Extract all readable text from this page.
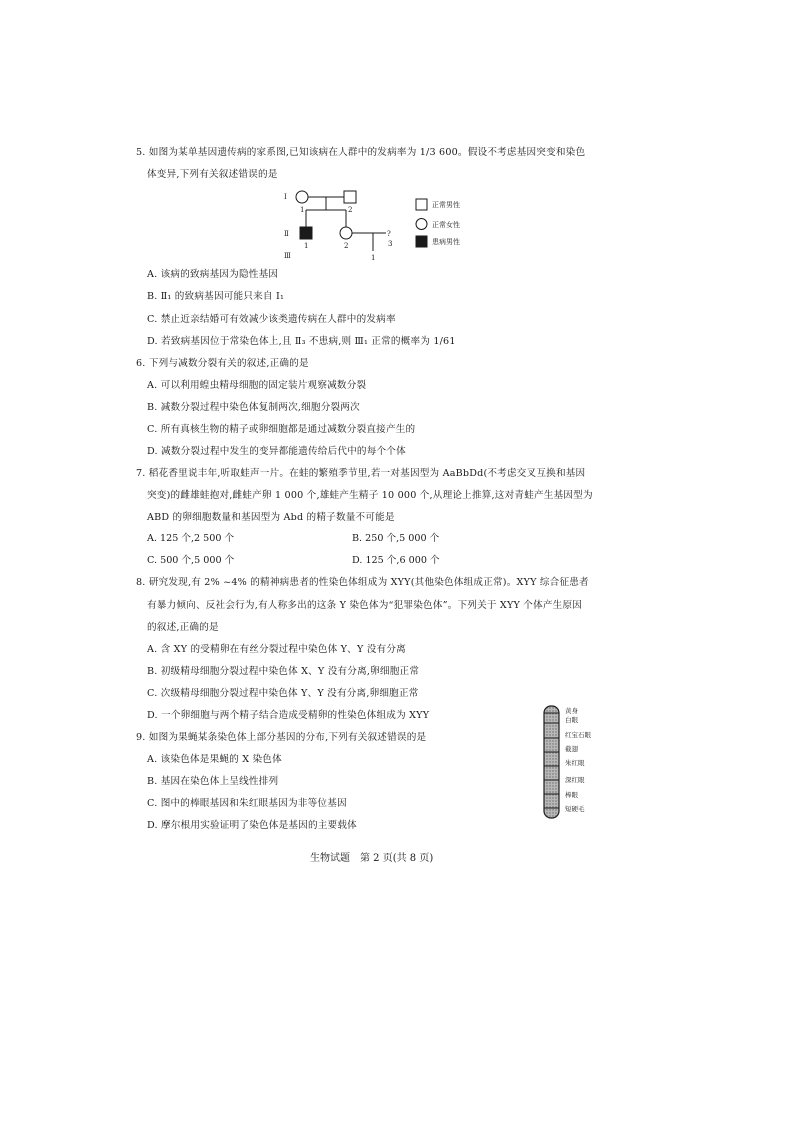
5. 如图为某单基因遗传病的家系图,已知该病在人群中的发病率为 1/3 600。假设不考虑基因突变和染色
体变异,下列有关叙述错误的是
Ⅰ
1	2
Ⅱ
1	2
?
3
Ⅲ	1
正常男性
正常女性
患病男性
A. 该病的致病基因为隐性基因
B. Ⅱ₁ 的致病基因可能只来自 Ⅰ₁
C. 禁止近亲结婚可有效减少该类遗传病在人群中的发病率
D. 若致病基因位于常染色体上,且 Ⅱ₃ 不患病,则 Ⅲ₁ 正常的概率为 1/61
6. 下列与减数分裂有关的叙述,正确的是
A. 可以利用蝗虫精母细胞的固定装片观察减数分裂
B. 减数分裂过程中染色体复制两次,细胞分裂两次
C. 所有真核生物的精子或卵细胞都是通过减数分裂直接产生的
D. 减数分裂过程中发生的变异都能遗传给后代中的每个个体
7. 稻花香里说丰年,听取蛙声一片。在蛙的繁殖季节里,若一对基因型为 AaBbDd(不考虑交叉互换和基因
突变)的雌雄蛙抱对,雌蛙产卵 1 000 个,雄蛙产生精子 10 000 个,从理论上推算,这对青蛙产生基因型为
ABD 的卵细胞数量和基因型为 Abd 的精子数量不可能是
A. 125 个,2 500 个	B. 250 个,5 000 个
C. 500 个,5 000 个	D. 125 个,6 000 个
8. 研究发现,有 2% ~4% 的精神病患者的性染色体组成为 XYY(其他染色体组成正常)。XYY 综合征患者
有暴力倾向、反社会行为,有人称多出的这条 Y 染色体为“犯罪染色体”。下列关于 XYY 个体产生原因
的叙述,正确的是
A. 含 XY 的受精卵在有丝分裂过程中染色体 Y、Y 没有分离
B. 初级精母细胞分裂过程中染色体 X、Y 没有分离,卵细胞正常
C. 次级精母细胞分裂过程中染色体 Y、Y 没有分离,卵细胞正常
D. 一个卵细胞与两个精子结合造成受精卵的性染色体组成为 XYY
9. 如图为果蝇某条染色体上部分基因的分布,下列有关叙述错误的是
A. 该染色体是果蝇的 X 染色体
B. 基因在染色体上呈线性排列
C. 图中的棒眼基因和朱红眼基因为非等位基因
D. 摩尔根用实验证明了染色体是基因的主要载体
黄身
白眼
红宝石眼
截翅
朱红眼
深红眼
棒眼
短硬毛
生物试题　第 2 页(共 8 页)
